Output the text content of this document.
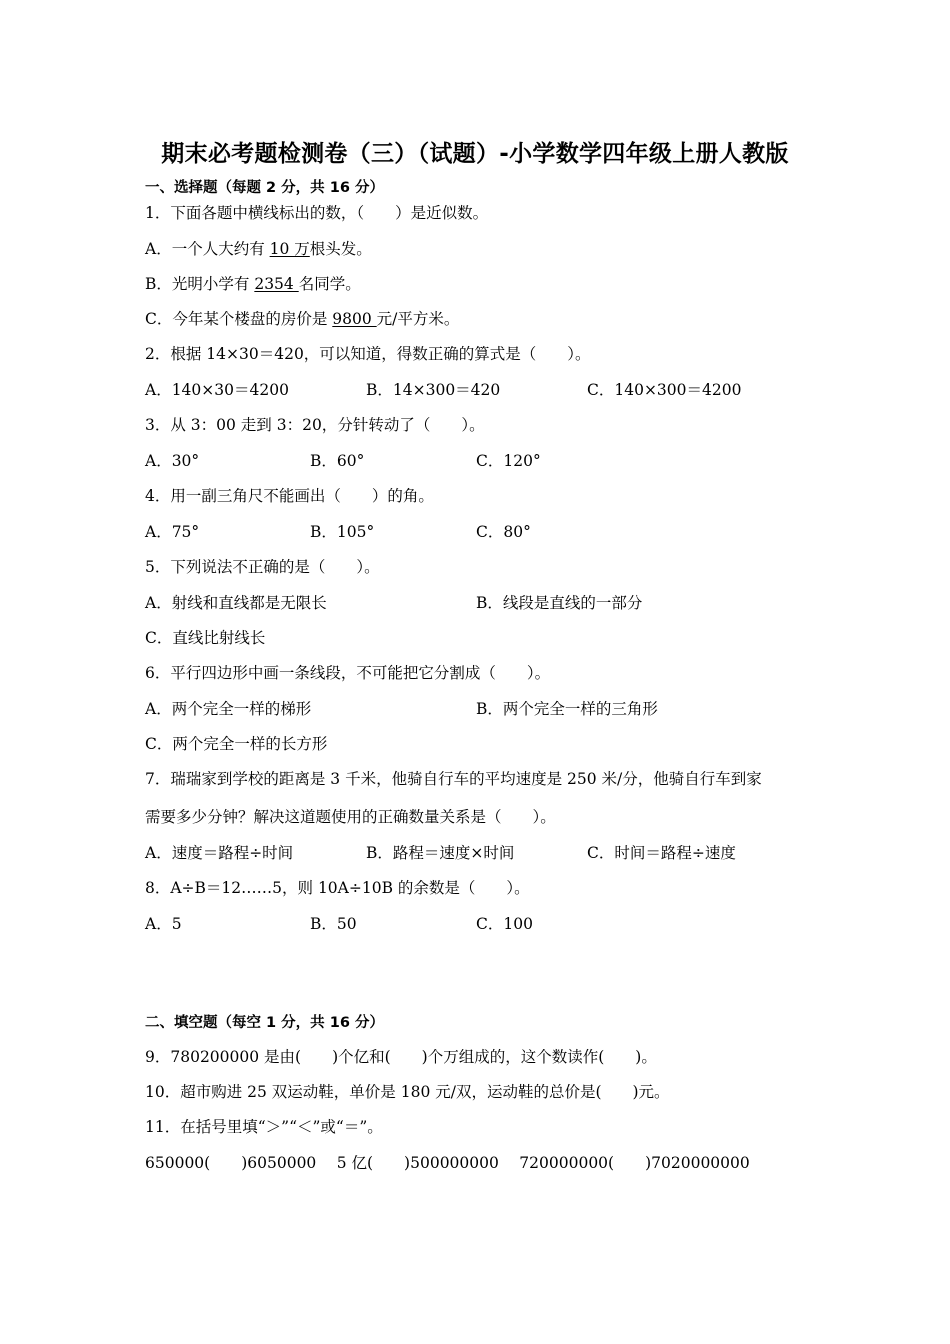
期末必考题检测卷（三）（试题）-小学数学四年级上册人教版
一、选择题（每题 2 分，共 16 分）
1．下面各题中横线标出的数，（　　）是近似数。
A．一个人大约有 10 万根头发。
B．光明小学有 2354 名同学。
C．今年某个楼盘的房价是 9800 元/平方米。
2．根据 14×30＝420，可以知道，得数正确的算式是（　　）。
A．140×30＝4200	B．14×300＝420	C．140×300＝4200
3．从 3：00 走到 3：20，分针转动了（　　）。
A．30°	B．60°	C．120°
4．用一副三角尺不能画出（　　）的角。
A．75°	B．105°	C．80°
5．下列说法不正确的是（　　）。
A．射线和直线都是无限长	B．线段是直线的一部分
C．直线比射线长
6．平行四边形中画一条线段，不可能把它分割成（　　）。
A．两个完全一样的梯形	B．两个完全一样的三角形
C．两个完全一样的长方形
7．瑞瑞家到学校的距离是 3 千米，他骑自行车的平均速度是 250 米/分，他骑自行车到家
需要多少分钟？解决这道题使用的正确数量关系是（　　）。
A．速度＝路程÷时间	B．路程＝速度×时间	C．时间＝路程÷速度
8．A÷B＝12……5，则 10A÷10B 的余数是（　　）。
A．5	B．50	C．100
二、填空题（每空 1 分，共 16 分）
9．780200000 是由(　　)个亿和(　　)个万组成的，这个数读作(　　)。
10．超市购进 25 双运动鞋，单价是 180 元/双，运动鞋的总价是(　　)元。
11．在括号里填“＞”“＜”或“＝”。
650000(　　)6050000　 5 亿(　　)500000000　 720000000(　　)7020000000
